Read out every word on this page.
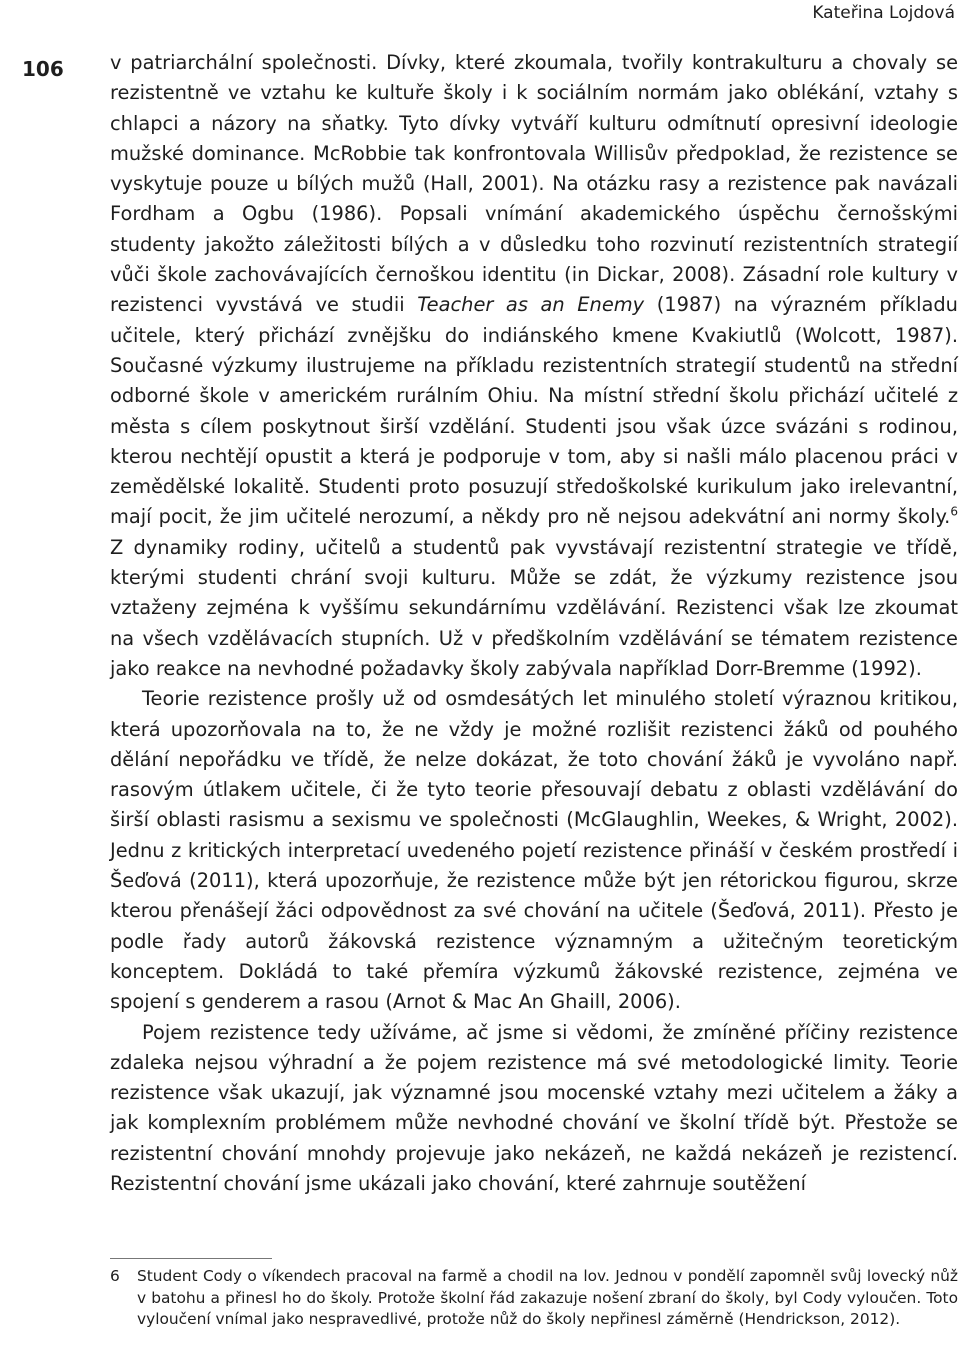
Kateřina Lojdová
106 v patriarchální společnosti. Dívky, které zkoumala, tvořily kontrakulturu a chovaly se rezistentně ve vztahu ke kultuře školy i k sociálním normám jako oblékání, vztahy s chlapci a názory na sňatky. Tyto dívky vytváří kulturu odmítnutí opresivní ideologie mužské dominance. McRobbie tak konfrontovala Willisův předpoklad, že rezistence se vyskytuje pouze u bílých mužů (Hall, 2001). Na otázku rasy a rezistence pak navázali Fordham a Ogbu (1986). Popsali vnímání akademického úspěchu černošskými studenty jakožto záležitosti bílých a v důsledku toho rozvinutí rezistentních strategií vůči škole zachovávajících černoškou identitu (in Dickar, 2008). Zásadní role kultury v rezistenci vyvstává ve studii Teacher as an Enemy (1987) na výrazném příkladu učitele, který přichází zvnějšku do indiánského kmene Kvakiutlů (Wolcott, 1987). Současné výzkumy ilustrujeme na příkladu rezistentních strategií studentů na střední odborné škole v americkém rurálním Ohiu. Na místní střední školu přichází učitelé z města s cílem poskytnout širší vzdělání. Studenti jsou však úzce svázáni s rodinou, kterou nechtějí opustit a která je podporuje v tom, aby si našli málo placenou práci v zemědělské lokalitě. Studenti proto posuzují středoškolské kurikulum jako irelevantní, mají pocit, že jim učitelé nerozumí, a někdy pro ně nejsou adekvátní ani normy školy.$^6$ Z dynamiky rodiny, učitelů a studentů pak vyvstávají rezistentní strategie ve třídě, kterými studenti chrání svoji kulturu. Může se zdát, že výzkumy rezistence jsou vztaženy zejména k vyššímu sekundárnímu vzdělávání. Rezistenci však lze zkoumat na všech vzdělávacích stupních. Už v předškolním vzdělávání se tématem rezistence jako reakce na nevhodné požadavky školy zabývala například Dorr-Bremme (1992).

Teorie rezistence prošly už od osmdesátých let minulého století výraznou kritikou, která upozorňovala na to, že ne vždy je možné rozlišit rezistenci žáků od pouhého dělání nepořádku ve třídě, že nelze dokázat, že toto chování žáků je vyvoláno např. rasovým útlakem učitele, či že tyto teorie přesouvají debatu z oblasti vzdělávání do širší oblasti rasismu a sexismu ve společnosti (McGlaughlin, Weekes, & Wright, 2002). Jednu z kritických interpretací uvedeného pojetí rezistence přináší v českém prostředí i Šeďová (2011), která upozorňuje, že rezistence může být jen rétorickou figurou, skrze kterou přenášejí žáci odpovědnost za své chování na učitele (Šeďová, 2011). Přesto je podle řady autorů žákovská rezistence významným a užitečným teoretickým konceptem. Dokládá to také přemíra výzkumů žákovské rezistence, zejména ve spojení s genderem a rasou (Arnot & Mac An Ghaill, 2006).

Pojem rezistence tedy užíváme, ač jsme si vědomi, že zmíněné příčiny rezistence zdaleka nejsou výhradní a že pojem rezistence má své metodologické limity. Teorie rezistence však ukazují, jak významné jsou mocenské vztahy mezi učitelem a žáky a jak komplexním problémem může nevhodné chování ve školní třídě být. Přestože se rezistentní chování mnohdy projevuje jako nekázeň, ne každá nekázeň je rezistencí. Rezistentní chování jsme ukázali jako chování, které zahrnuje soutěžení

6 Student Cody o víkendech pracoval na farmě a chodil na lov. Jednou v pondělí zapomněl svůj lovecký nůž v batohu a přinesl ho do školy. Protože školní řád zakazuje nošení zbraní do školy, byl Cody vyloučen. Toto vyloučení vnímal jako nespravedlivé, protože nůž do školy nepřinesl záměrně (Hendrickson, 2012).
